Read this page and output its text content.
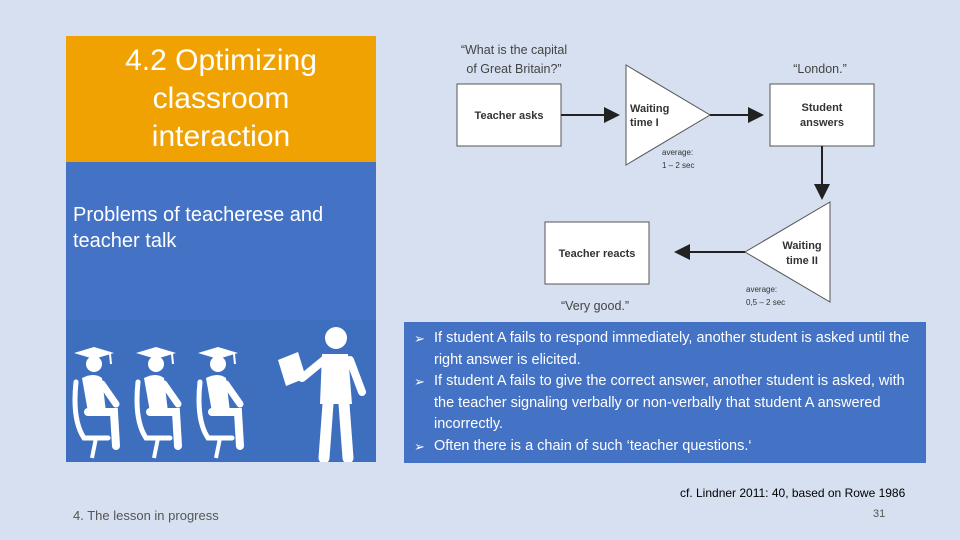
4.2 Optimizing classroom interaction
Problems of teacherese and teacher talk
“What is the capital
of Great Britain?”	“London.”
Teacher asks
Waiting
time I
average:
1 – 2 sec
Student
answers
Waiting
time II
average:
0,5 – 2 sec
Teacher reacts
“Very good.”
➢ If student A fails to respond immediately, another student is asked until the right answer is elicited.
➢ If student A fails to give the correct answer, another student is asked, with the teacher signaling verbally or non-verbally that student A answered incorrectly.
➢ Often there is a chain of such ‘teacher questions.‘
cf. Lindner 2011: 40, based on Rowe 1986
4. The lesson in progress	31
